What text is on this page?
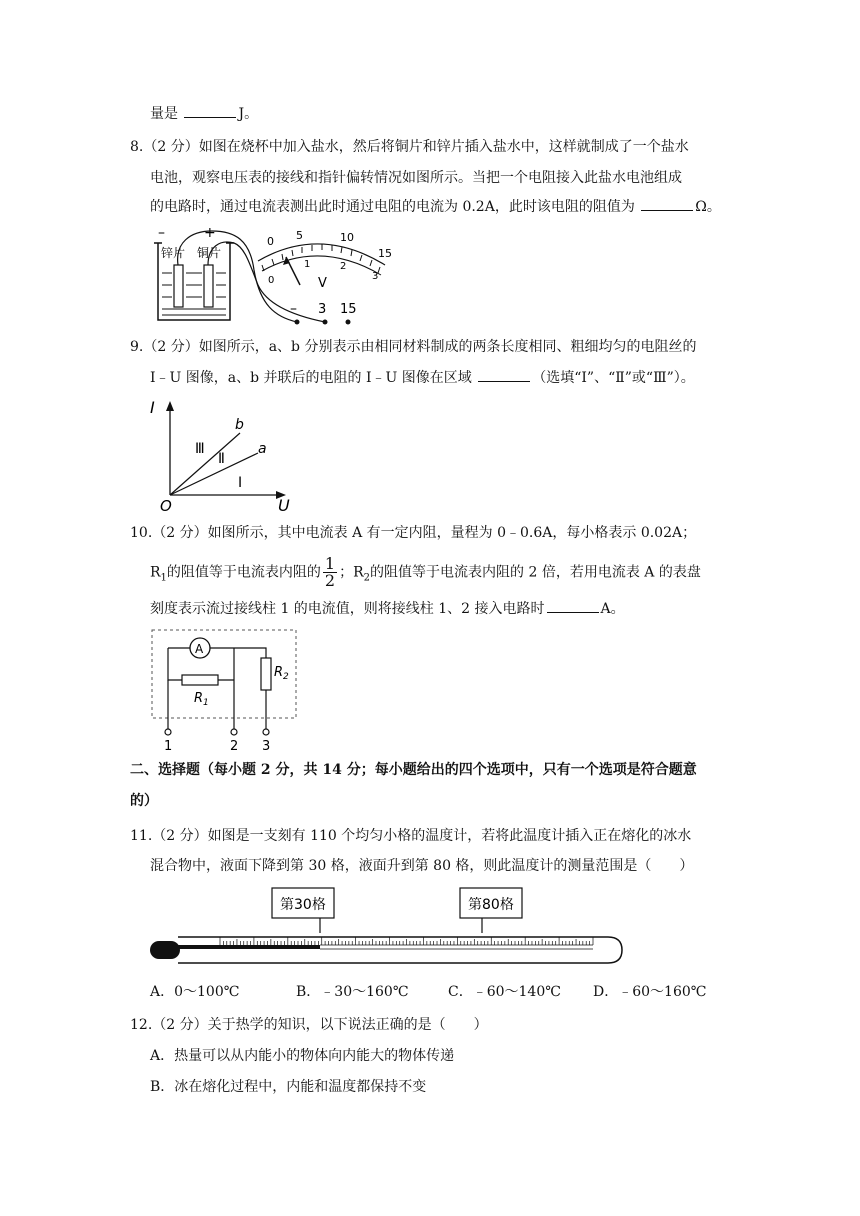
量是	J。
8.（2 分）如图在烧杯中加入盐水，然后将铜片和锌片插入盐水中，这样就制成了一个盐水
电池，观察电压表的接线和指针偏转情况如图所示。当把一个电阻接入此盐水电池组成
的电路时，通过电流表测出此时通过电阻的电流为 0.2A，此时该电阻的阻值为	Ω。
锌片 铜片
–	+
0 5	10
15
0
1	2
3
V
– 3 15
9.（2 分）如图所示，a、b 分别表示由相同材料制成的两条长度相同、粗细均匀的电阻丝的
I﹣U 图像，a、b 并联后的电阻的 I﹣U 图像在区域	（选填“Ⅰ”、“Ⅱ”或“Ⅲ”）。
I
U
O
b
a
Ⅲ
Ⅱ
Ⅰ
10.（2 分）如图所示，其中电流表 A 有一定内阻，量程为 0﹣0.6A，每小格表示 0.02A；
$R_1$的阻值等于电流表内阻的 $\frac{1}{2}$ ；$R_2$的阻值等于电流表内阻的 2 倍，若用电流表 A 的表盘
刻度表示流过接线柱 1 的电流值，则将接线柱 1、2 接入电路时	A。
A
$R_1$
$R_2$
1	2 3
二、选择题（每小题 2 分，共 14 分；每小题给出的四个选项中，只有一个选项是符合题意
的）
11.（2 分）如图是一支刻有 110 个均匀小格的温度计，若将此温度计插入正在熔化的冰水
混合物中，液面下降到第 30 格，液面升到第 80 格，则此温度计的测量范围是（　　）
第30格	第80格
A．0～100℃	B．﹣30～160℃	C．﹣60～140℃ D．﹣60～160℃
12.（2 分）关于热学的知识，以下说法正确的是（　　）
A．热量可以从内能小的物体向内能大的物体传递
B．冰在熔化过程中，内能和温度都保持不变
